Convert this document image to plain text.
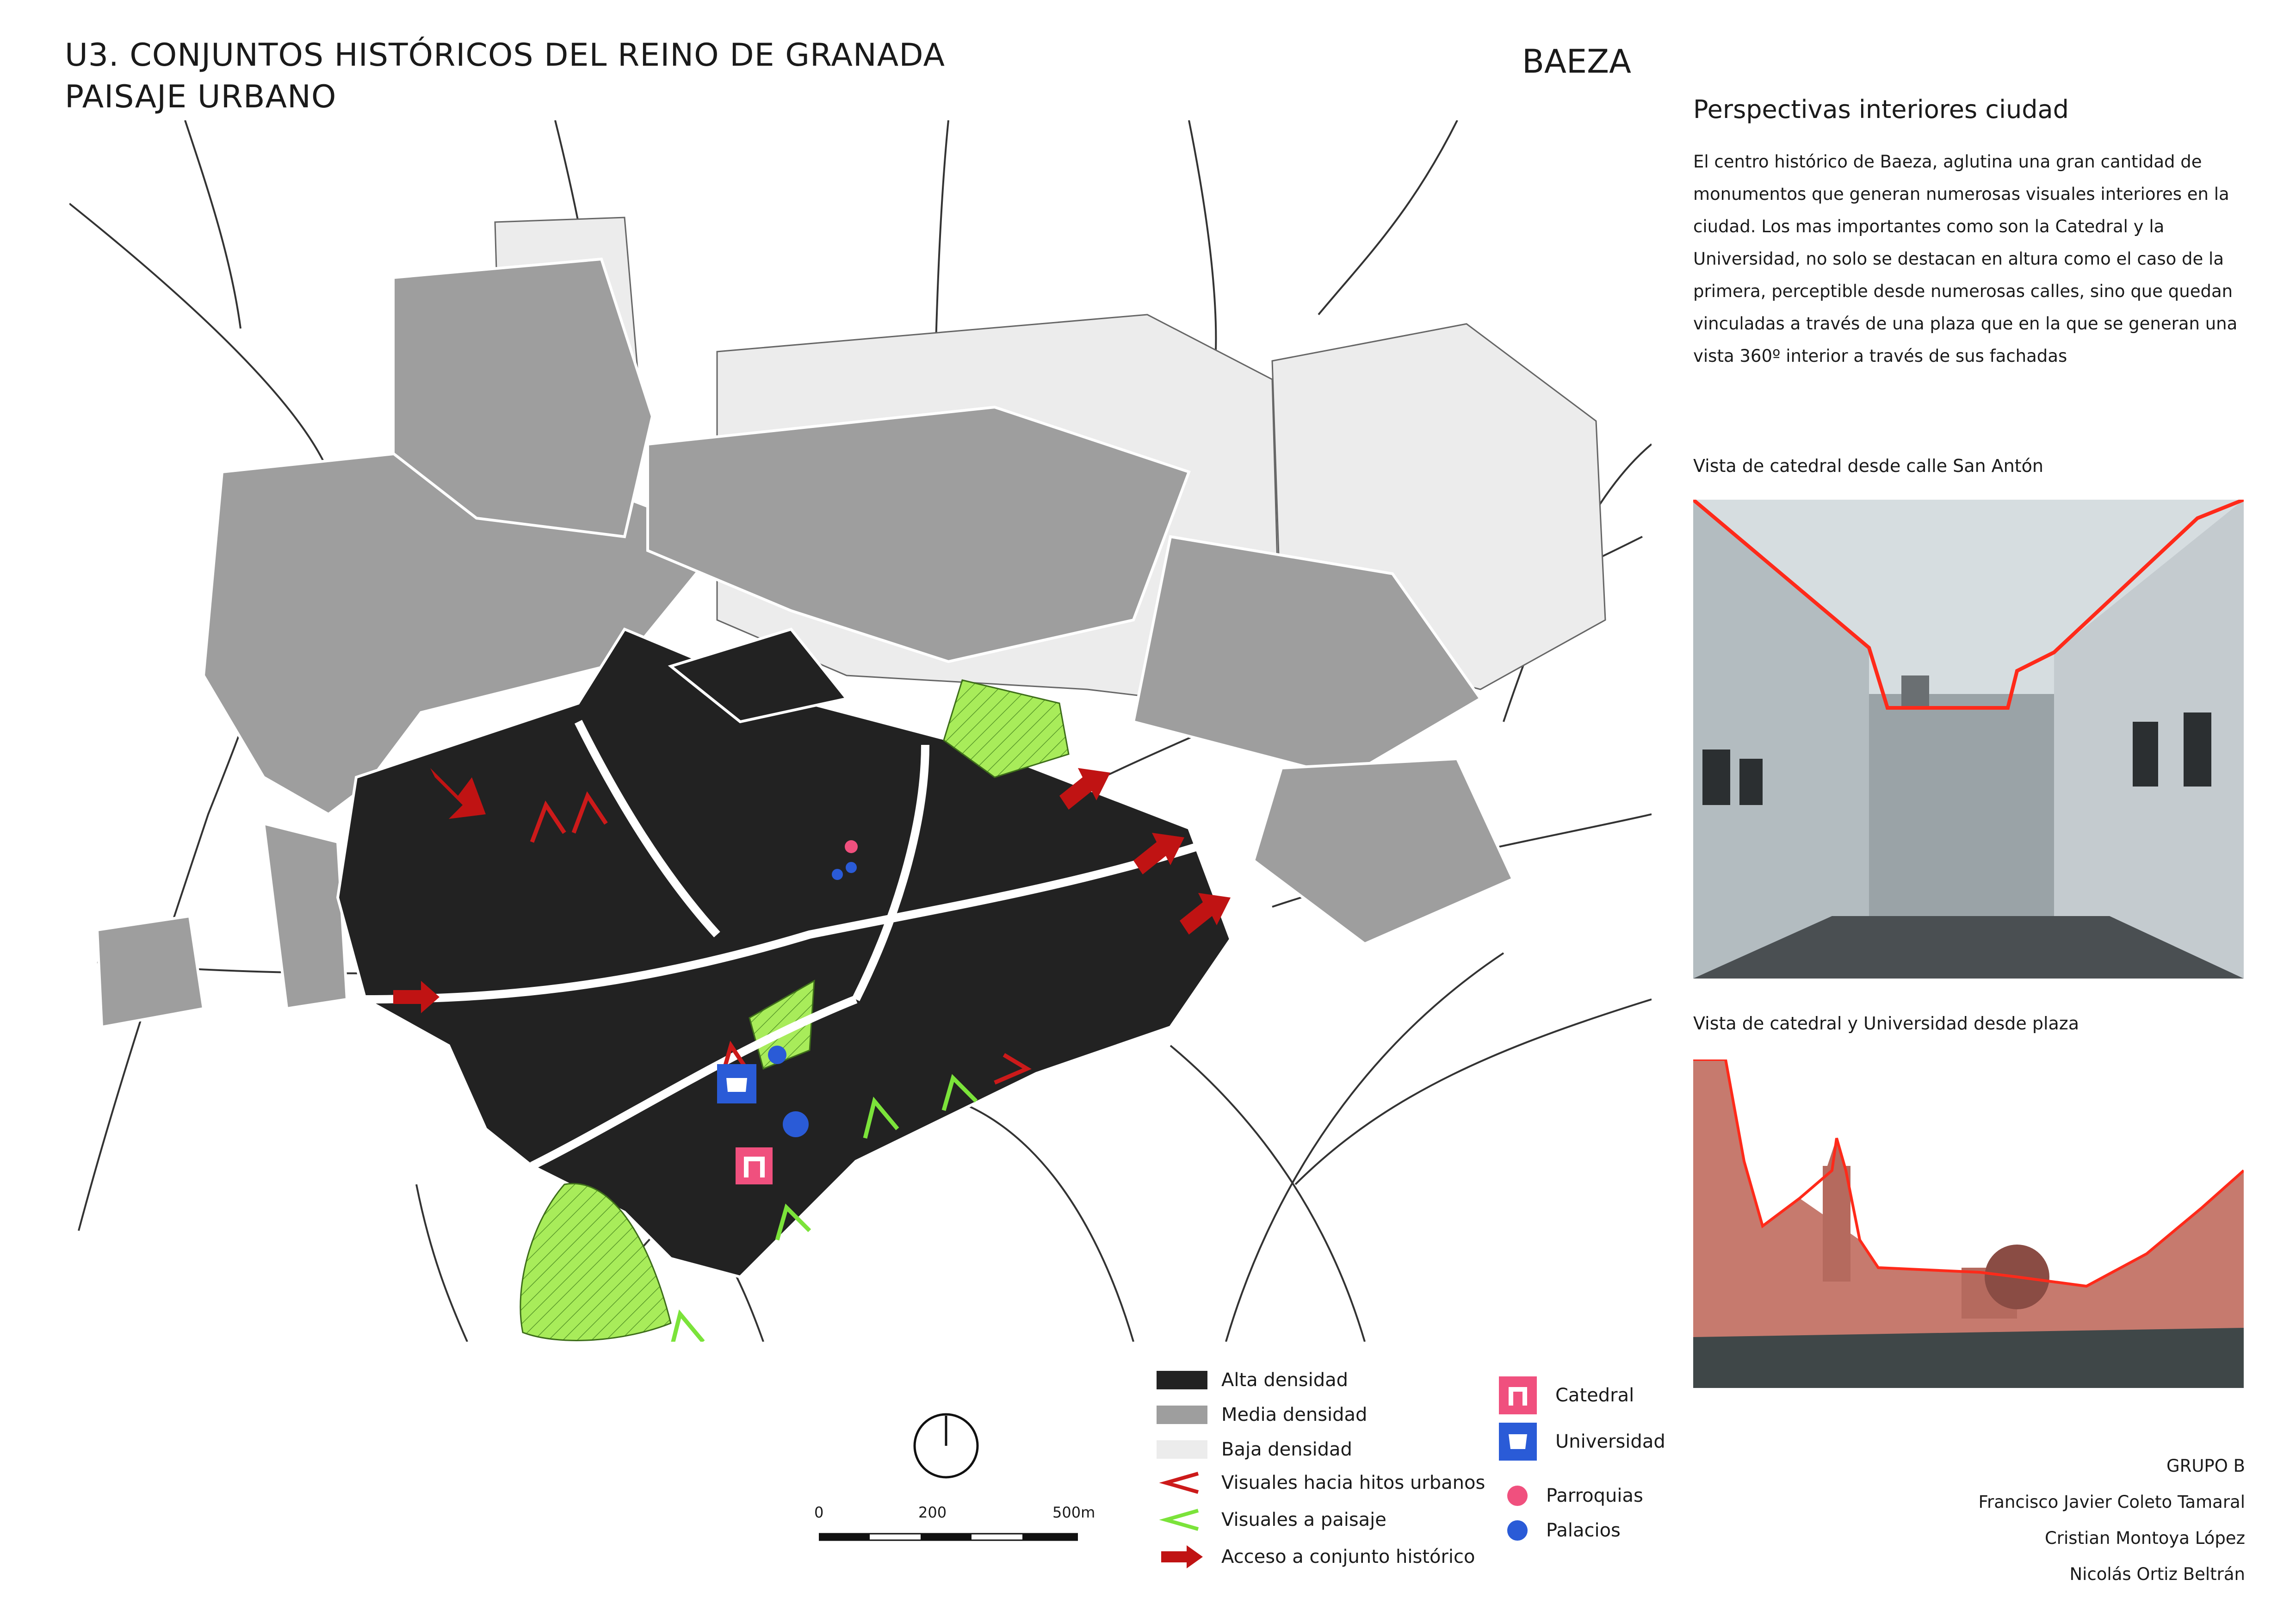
U3. CONJUNTOS HISTÓRICOS DEL REINO DE GRANADA
PAISAJE URBANO
BAEZA
Perspectivas interiores ciudad
El centro histórico de Baeza, aglutina una gran cantidad de monumentos que generan numerosas visuales interiores en la ciudad. Los mas importantes como son la Catedral y la Universidad, no solo se destacan en altura como el caso de la primera, perceptible desde numerosas calles, sino que quedan vinculadas a través de una plaza que en la que se generan una vista 360º interior a través de sus fachadas
Vista de catedral desde calle San Antón
Vista de catedral y Universidad desde plaza
Alta densidad
Media densidad
Baja densidad
Visuales hacia hitos urbanos
Visuales a paisaje
Acceso a conjunto histórico
Catedral
Universidad
Parroquias
Palacios
0	200	500m
GRUPO B
Francisco Javier Coleto Tamaral
Cristian Montoya López
Nicolás Ortiz Beltrán
